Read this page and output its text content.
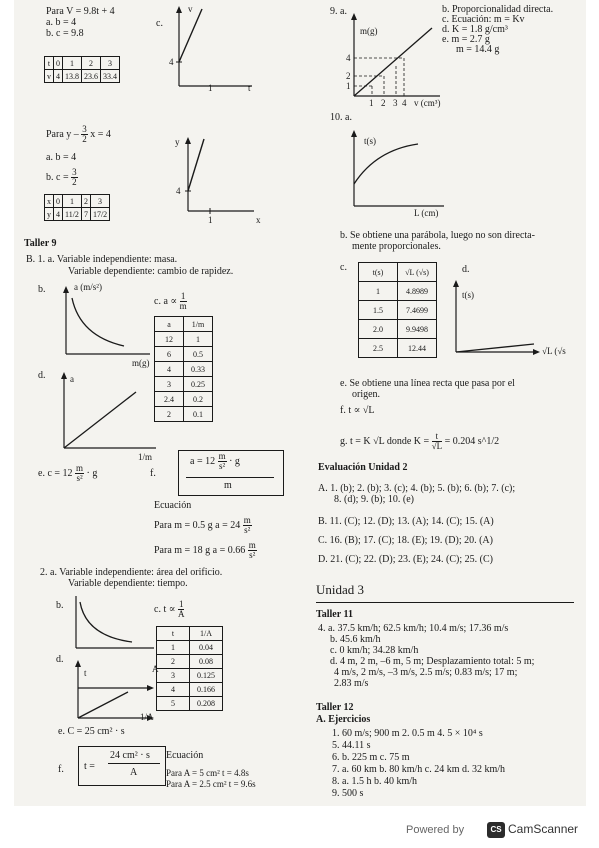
Para V = 9.8t + 4
a. b = 4
b. c = 9.8
c.
t	0	1	2	3
v	4	13.8	23.6	33.4
v
4
1	t
Para y – $\frac{3}{2}$ x = 4
a. b = 4
b. $c = \frac{3}{2}$
x	0	1	2	3
y	4	11/2	7	17/2
y
4
1	x
Taller 9
B. 1. a. Variable independiente: masa.
Variable dependiente: cambio de rapidez.
b.	a (m/s²)
m(g)
c. $a \propto \frac{1}{m}$
a	1/m
12	1
6	0.5
4	0.33
3	0.25
2.4	0.2
2	0.1
d.	a
1/m
e. $c = 12 \frac{m}{\text{s²}} \cdot g$	f.
$a = 12 \frac{m}{\text{s²}} \cdot g$
m
Ecuación
Para m = 0.5 g $a = 24 \frac{m}{\text{s²}}$
Para m = 18 g $a = 0.66 \frac{m}{\text{s²}}$
2. a. Variable independiente: área del orificio.
Variable dependiente: tiempo.
b.	c. $t \propto \frac{1}{A}$
t	1/A
1	0.04
2	0.08
3	0.125
4	0.166
5	0.208
d.
t	A
1/A
e. C = 25 cm² · s
f. t =
24 cm² · s
A
Ecuación
Para A = 5 cm² t = 4.8s
Para A = 2.5 cm² t = 9.6s
9. a.
m(g)
4
2
1
1 2 3 4 v (cm³)
b. Proporcionalidad directa.
c. Ecuación: m = Kv
d. K = 1.8 g/cm³
e. m = 2.7 g
m = 14.4 g
10. a.
t(s)
L (cm)
b. Se obtiene una parábola, luego no son directa-
mente proporcionales.
c.	t(s)	√L (√s)
1	4.8989
1.5	7.4699
2.0	9.9498
2.5	12.44
d.
t(s)
√L (√s
e. Se obtiene una línea recta que pasa por el
origen.
f. t ∝ √L
g. t = K √L donde $K = \frac{t}{√L} = 0.204$ s^1/2
Evaluación Unidad 2
A. 1. (b); 2. (b); 3. (c); 4. (b); 5. (b); 6. (b); 7. (c);
8. (d); 9. (b); 10. (e)
B. 11. (C); 12. (D); 13. (A); 14. (C); 15. (A)
C. 16. (B); 17. (C); 18. (E); 19. (D); 20. (A)
D. 21. (C); 22. (D); 23. (E); 24. (C); 25. (C)
Unidad 3
Taller 11
4. a. 37.5 km/h; 62.5 km/h; 10.4 m/s; 17.36 m/s
b. 45.6 km/h
c. 0 km/h; 34.28 km/h
d. 4 m, 2 m, –6 m, 5 m; Desplazamiento total: 5 m;
4 m/s, 2 m/s, –3 m/s, 2.5 m/s; 0.83 m/s; 17 m;
2.83 m/s
Taller 12
A. Ejercicios
1. 60 m/s; 900 m 2. 0.5 m 4. 5 × 10⁴ s
5. 44.11 s
6. b. 225 m c. 75 m
7. a. 60 km b. 80 km/h c. 24 km d. 32 km/h
8. a. 1.5 h b. 40 km/h
9. 500 s
Powered by	CS CamScanner
